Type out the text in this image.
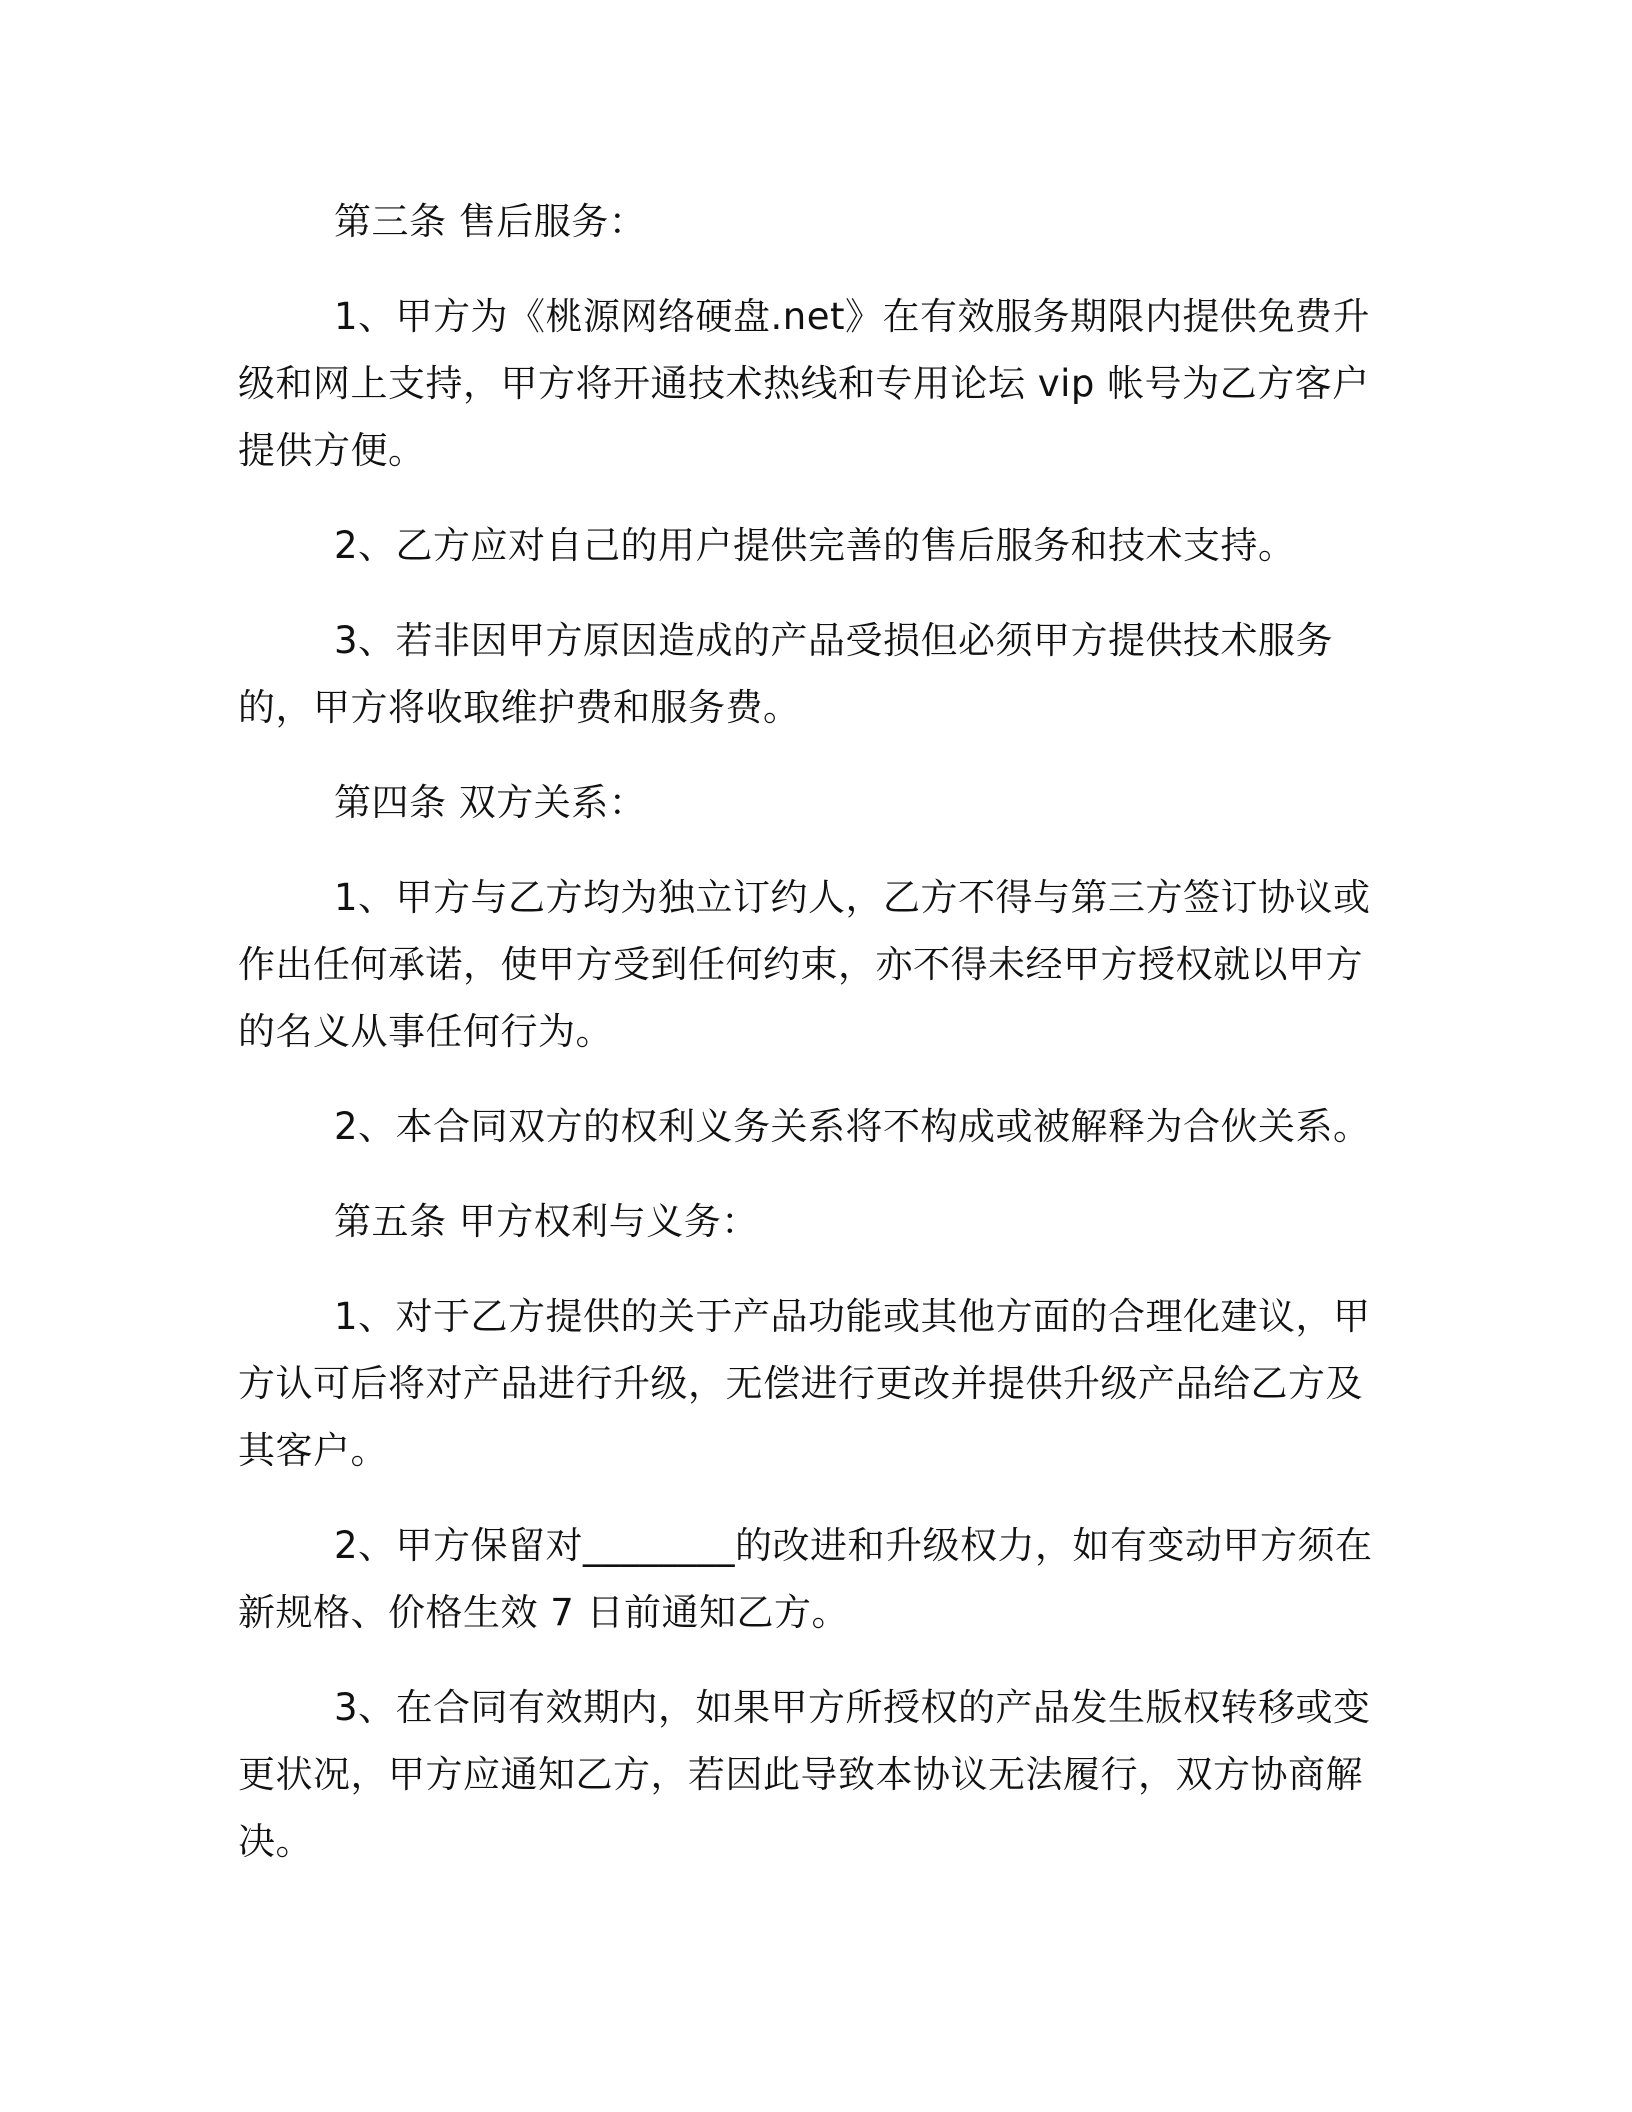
第三条 售后服务：

1、甲方为《桃源网络硬盘.net》在有效服务期限内提供免费升级和网上支持，甲方将开通技术热线和专用论坛 vip 帐号为乙方客户提供方便。

2、乙方应对自己的用户提供完善的售后服务和技术支持。

3、若非因甲方原因造成的产品受损但必须甲方提供技术服务的，甲方将收取维护费和服务费。

第四条 双方关系：

1、甲方与乙方均为独立订约人，乙方不得与第三方签订协议或作出任何承诺，使甲方受到任何约束，亦不得未经甲方授权就以甲方的名义从事任何行为。

2、本合同双方的权利义务关系将不构成或被解释为合伙关系。

第五条 甲方权利与义务：

1、对于乙方提供的关于产品功能或其他方面的合理化建议，甲方认可后将对产品进行升级，无偿进行更改并提供升级产品给乙方及其客户。

2、甲方保留对________的改进和升级权力，如有变动甲方须在新规格、价格生效 7 日前通知乙方。

3、在合同有效期内，如果甲方所授权的产品发生版权转移或变更状况，甲方应通知乙方，若因此导致本协议无法履行，双方协商解决。
